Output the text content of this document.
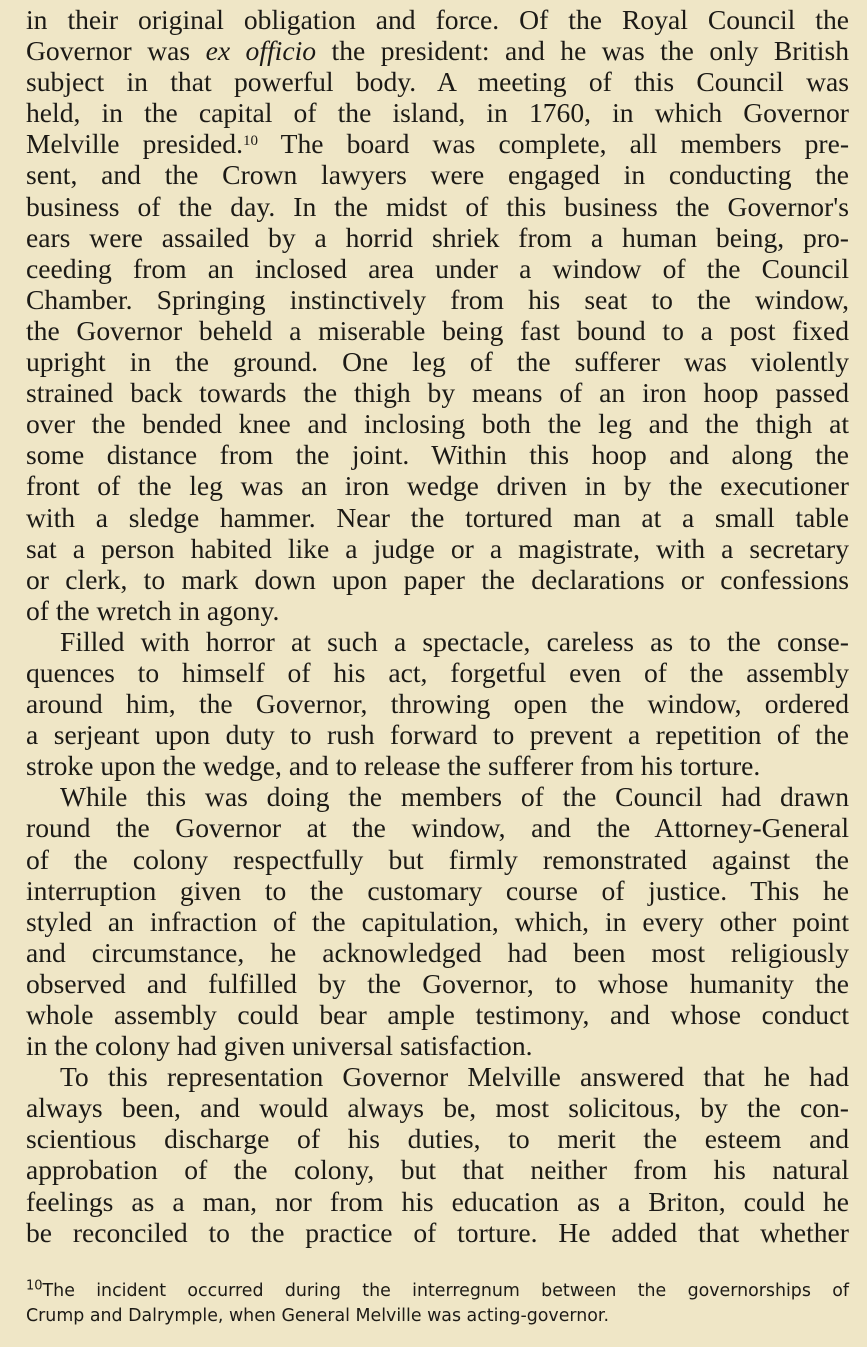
in their original obligation and force. Of the Royal Council the
Governor was ex officio the president: and he was the only British
subject in that powerful body. A meeting of this Council was
held, in the capital of the island, in 1760, in which Governor
Melville presided.$^{10}$ The board was complete, all members pre-
sent, and the Crown lawyers were engaged in conducting the
business of the day. In the midst of this business the Governor's
ears were assailed by a horrid shriek from a human being, pro-
ceeding from an inclosed area under a window of the Council
Chamber. Springing instinctively from his seat to the window,
the Governor beheld a miserable being fast bound to a post fixed
upright in the ground. One leg of the sufferer was violently
strained back towards the thigh by means of an iron hoop passed
over the bended knee and inclosing both the leg and the thigh at
some distance from the joint. Within this hoop and along the
front of the leg was an iron wedge driven in by the executioner
with a sledge hammer. Near the tortured man at a small table
sat a person habited like a judge or a magistrate, with a secretary
or clerk, to mark down upon paper the declarations or confessions
of the wretch in agony.
Filled with horror at such a spectacle, careless as to the conse-
quences to himself of his act, forgetful even of the assembly
around him, the Governor, throwing open the window, ordered
a serjeant upon duty to rush forward to prevent a repetition of the
stroke upon the wedge, and to release the sufferer from his torture.
While this was doing the members of the Council had drawn
round the Governor at the window, and the Attorney-General
of the colony respectfully but firmly remonstrated against the
interruption given to the customary course of justice. This he
styled an infraction of the capitulation, which, in every other point
and circumstance, he acknowledged had been most religiously
observed and fulfilled by the Governor, to whose humanity the
whole assembly could bear ample testimony, and whose conduct
in the colony had given universal satisfaction.
To this representation Governor Melville answered that he had
always been, and would always be, most solicitous, by the con-
scientious discharge of his duties, to merit the esteem and
approbation of the colony, but that neither from his natural
feelings as a man, nor from his education as a Briton, could he
be reconciled to the practice of torture. He added that whether
$^{10}$The incident occurred during the interregnum between the governorships of
Crump and Dalrymple, when General Melville was acting-governor.
